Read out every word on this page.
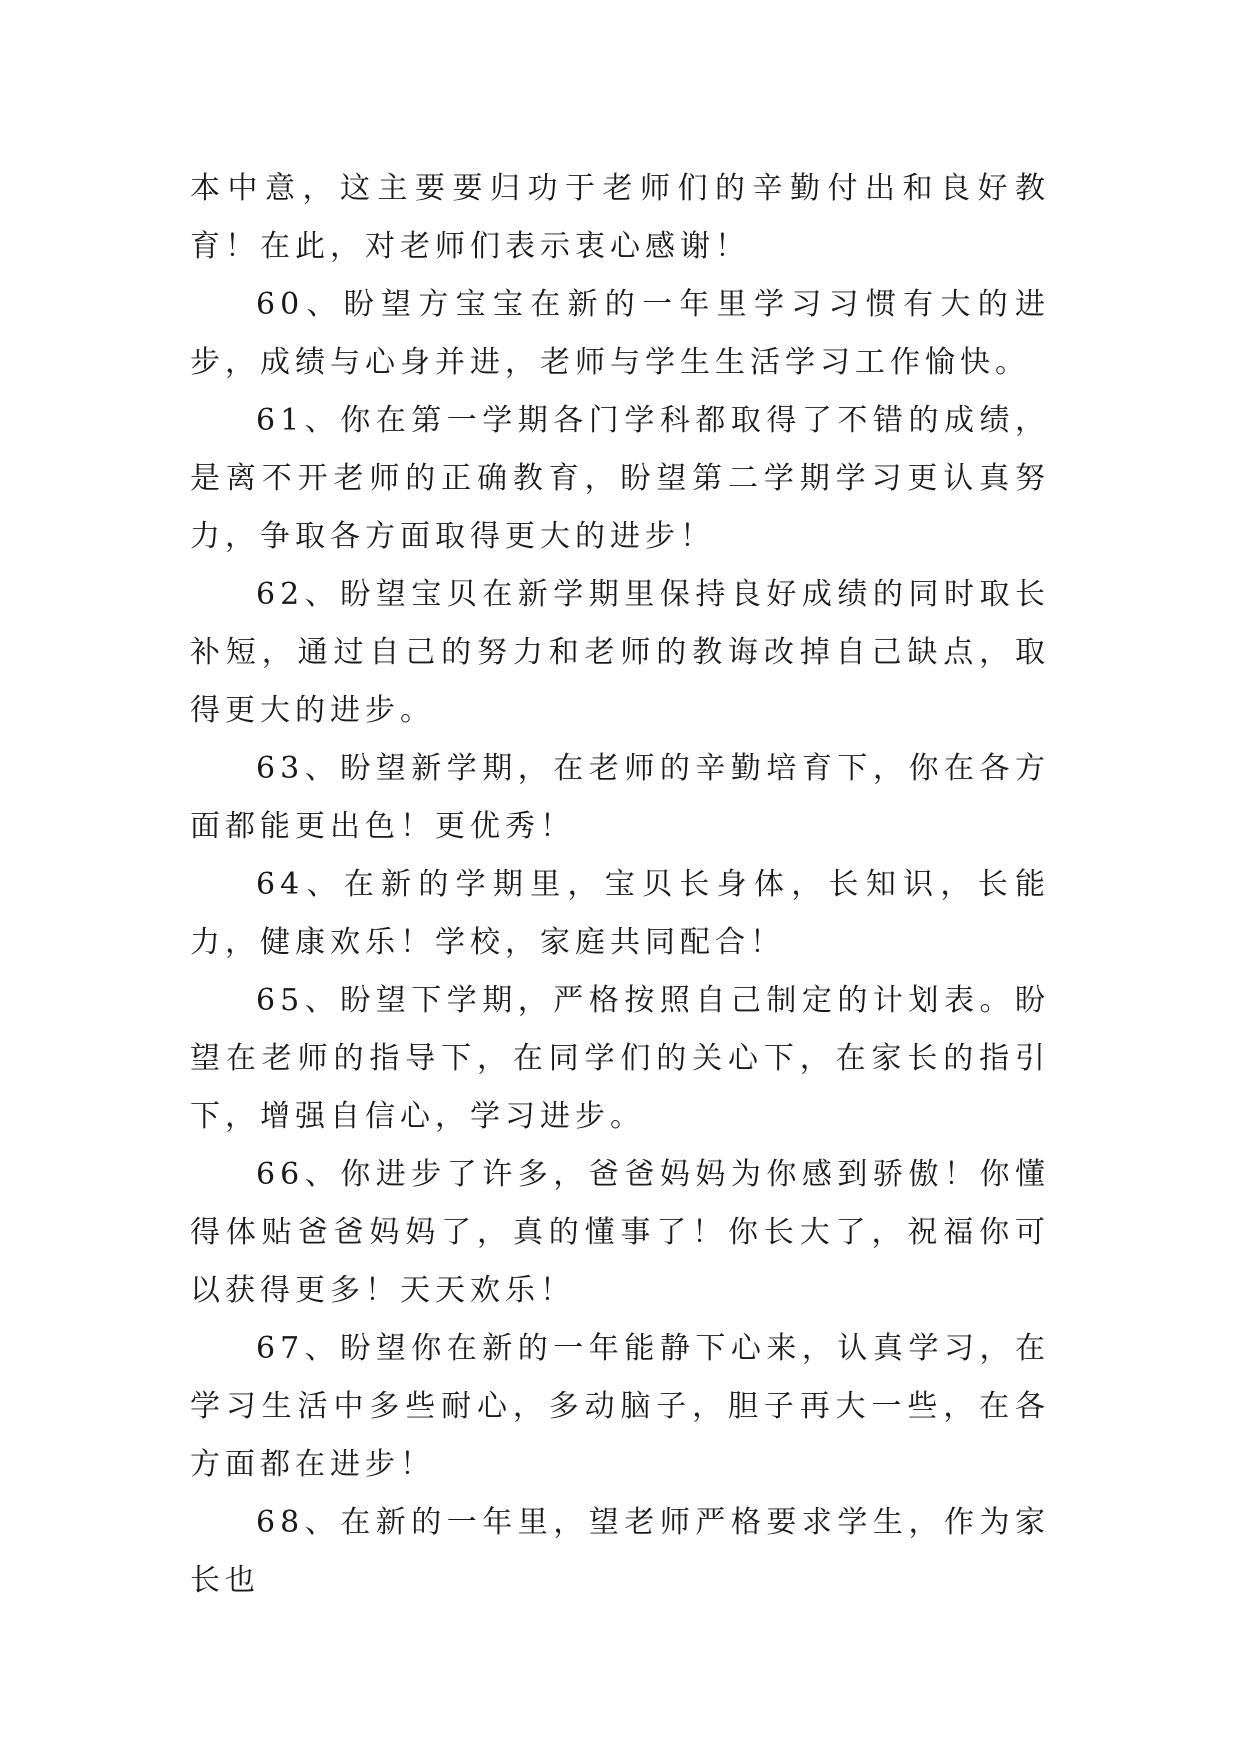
本中意，这主要要归功于老师们的辛勤付出和良好教育！在此，对老师们表示衷心感谢！

60、盼望方宝宝在新的一年里学习习惯有大的进步，成绩与心身并进，老师与学生生活学习工作愉快。

61、你在第一学期各门学科都取得了不错的成绩，是离不开老师的正确教育，盼望第二学期学习更认真努力，争取各方面取得更大的进步！

62、盼望宝贝在新学期里保持良好成绩的同时取长补短，通过自己的努力和老师的教诲改掉自己缺点，取得更大的进步。

63、盼望新学期，在老师的辛勤培育下，你在各方面都能更出色！更优秀！

64、在新的学期里，宝贝长身体，长知识，长能力，健康欢乐！学校，家庭共同配合！

65、盼望下学期，严格按照自己制定的计划表。盼望在老师的指导下，在同学们的关心下，在家长的指引下，增强自信心，学习进步。

66、你进步了许多，爸爸妈妈为你感到骄傲！你懂得体贴爸爸妈妈了，真的懂事了！你长大了，祝福你可以获得更多！天天欢乐！

67、盼望你在新的一年能静下心来，认真学习，在学习生活中多些耐心，多动脑子，胆子再大一些，在各方面都在进步！

68、在新的一年里，望老师严格要求学生，作为家长也
